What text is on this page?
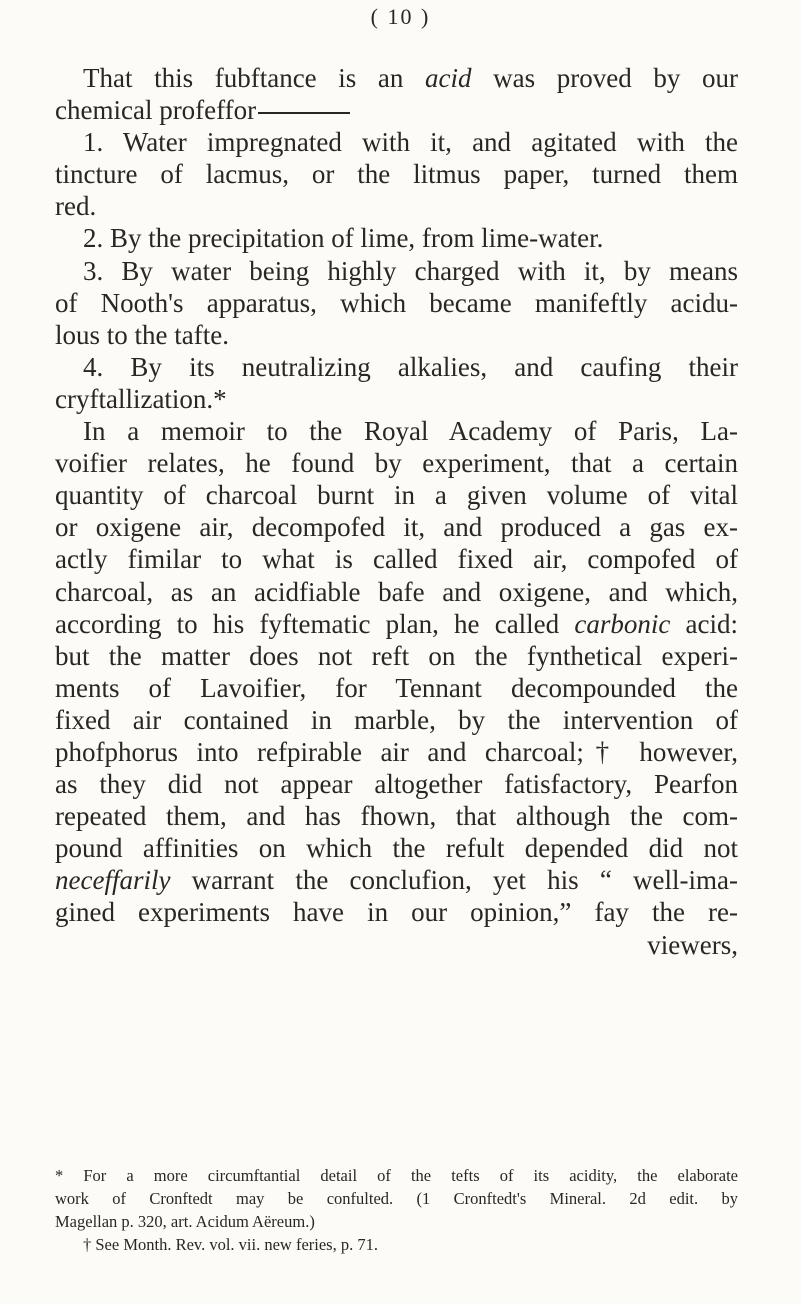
( 10 )
That this fubftance is an acid was proved by our
chemical profeffor
1. Water impregnated with it, and agitated with the
tincture of lacmus, or the litmus paper, turned them
red.
2. By the precipitation of lime, from lime-water.
3. By water being highly charged with it, by means
of Nooth's apparatus, which became manifeftly acidu-
lous to the tafte.
4. By its neutralizing alkalies, and caufing their
cryftallization.*
In a memoir to the Royal Academy of Paris, La-
voifier relates, he found by experiment, that a certain
quantity of charcoal burnt in a given volume of vital
or oxigene air, decompofed it, and produced a gas ex-
actly fimilar to what is called fixed air, compofed of
charcoal, as an acidfiable bafe and oxigene, and which,
according to his fyftematic plan, he called carbonic acid:
but the matter does not reft on the fynthetical experi-
ments of Lavoifier, for Tennant decompounded the
fixed air contained in marble, by the intervention of
phofphorus into refpirable air and charcoal;† however,
as they did not appear altogether fatisfactory, Pearfon
repeated them, and has fhown, that although the com-
pound affinities on which the refult depended did not
neceffarily warrant the conclufion, yet his “ well-ima-
gined experiments have in our opinion,” fay the re-
viewers,
* For a more circumftantial detail of the tefts of its acidity, the elaborate
work of Cronftedt may be confulted. (1 Cronftedt's Mineral. 2d edit. by
Magellan p. 320, art. Acidum Aëreum.)
† See Month. Rev. vol. vii. new feries, p. 71.
